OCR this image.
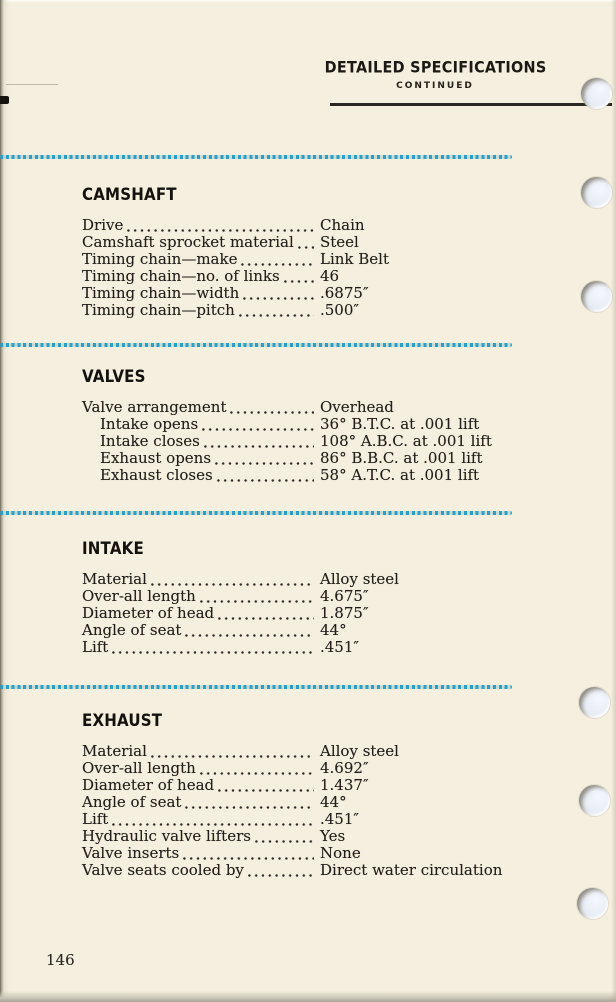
DETAILED SPECIFICATIONS
CONTINUED
CAMSHAFT
Drive	Chain
Camshaft sprocket material Steel
Timing chain—make	Link Belt
Timing chain—no. of links	46
Timing chain—width	.6875″
Timing chain—pitch	.500″
VALVES
Valve arrangement	Overhead
Intake opens	36° B.T.C. at .001 lift
Intake closes	108° A.B.C. at .001 lift
Exhaust opens	86° B.B.C. at .001 lift
Exhaust closes	58° A.T.C. at .001 lift
INTAKE
Material	Alloy steel
Over-all length	4.675″
Diameter of head	1.875″
Angle of seat	44°
Lift	.451″
EXHAUST
Material	Alloy steel
Over-all length	4.692″
Diameter of head	1.437″
Angle of seat	44°
Lift	.451″
Hydraulic valve lifters	Yes
Valve inserts	None
Valve seats cooled by	Direct water circulation
146
